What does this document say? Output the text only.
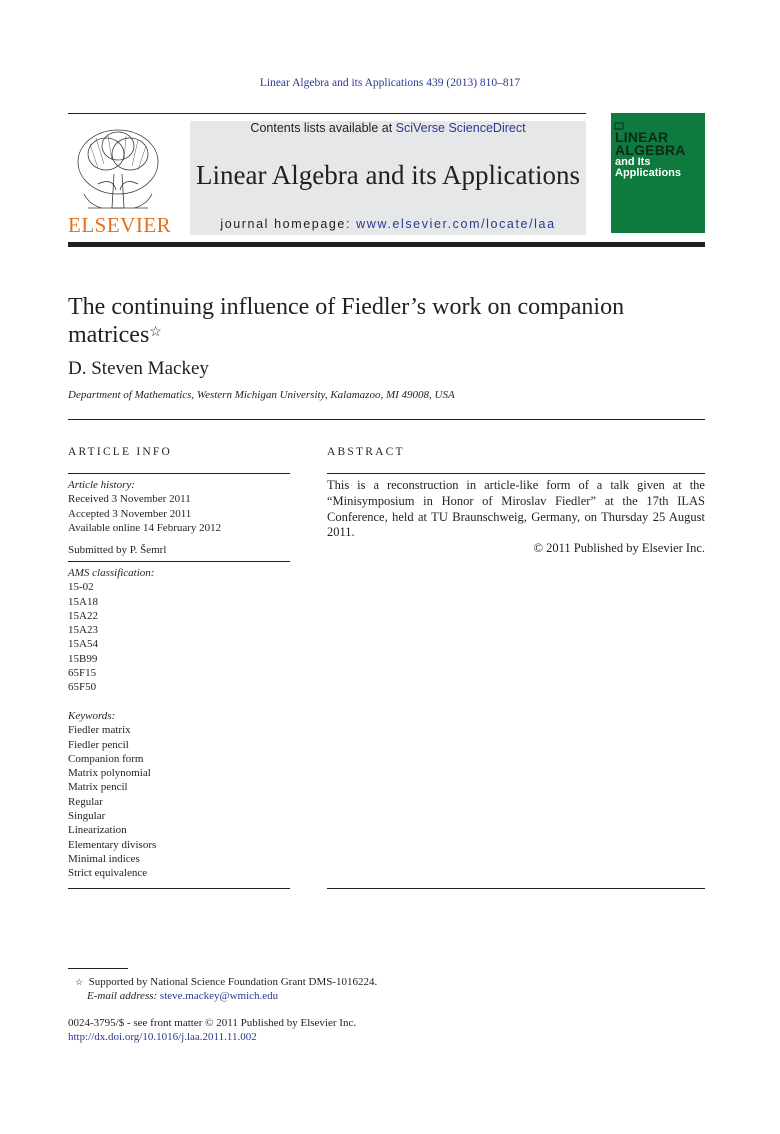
Linear Algebra and its Applications 439 (2013) 810–817
ELSEVIER
Contents lists available at SciVerse ScienceDirect
Linear Algebra and its Applications
journal homepage: www.elsevier.com/locate/laa
LINEAR
ALGEBRA
and Its
Applications
The continuing influence of Fiedler’s work on companion
matrices☆
D. Steven Mackey
Department of Mathematics, Western Michigan University, Kalamazoo, MI 49008, USA
ARTICLE INFO
Article history:
Received 3 November 2011
Accepted 3 November 2011
Available online 14 February 2012
Submitted by P. Šemrl
AMS classification:
15-02
15A18
15A22
15A23
15A54
15B99
65F15
65F50
Keywords:
Fiedler matrix
Fiedler pencil
Companion form
Matrix polynomial
Matrix pencil
Regular
Singular
Linearization
Elementary divisors
Minimal indices
Strict equivalence
ABSTRACT
This is a reconstruction in article-like form of a talk given at the “Minisymposium in Honor of Miroslav Fiedler” at the 17th ILAS Conference, held at TU Braunschweig, Germany, on Thursday 25 August 2011.
© 2011 Published by Elsevier Inc.
☆ Supported by National Science Foundation Grant DMS-1016224.
E-mail address: steve.mackey@wmich.edu
0024-3795/$ - see front matter © 2011 Published by Elsevier Inc.
http://dx.doi.org/10.1016/j.laa.2011.11.002
